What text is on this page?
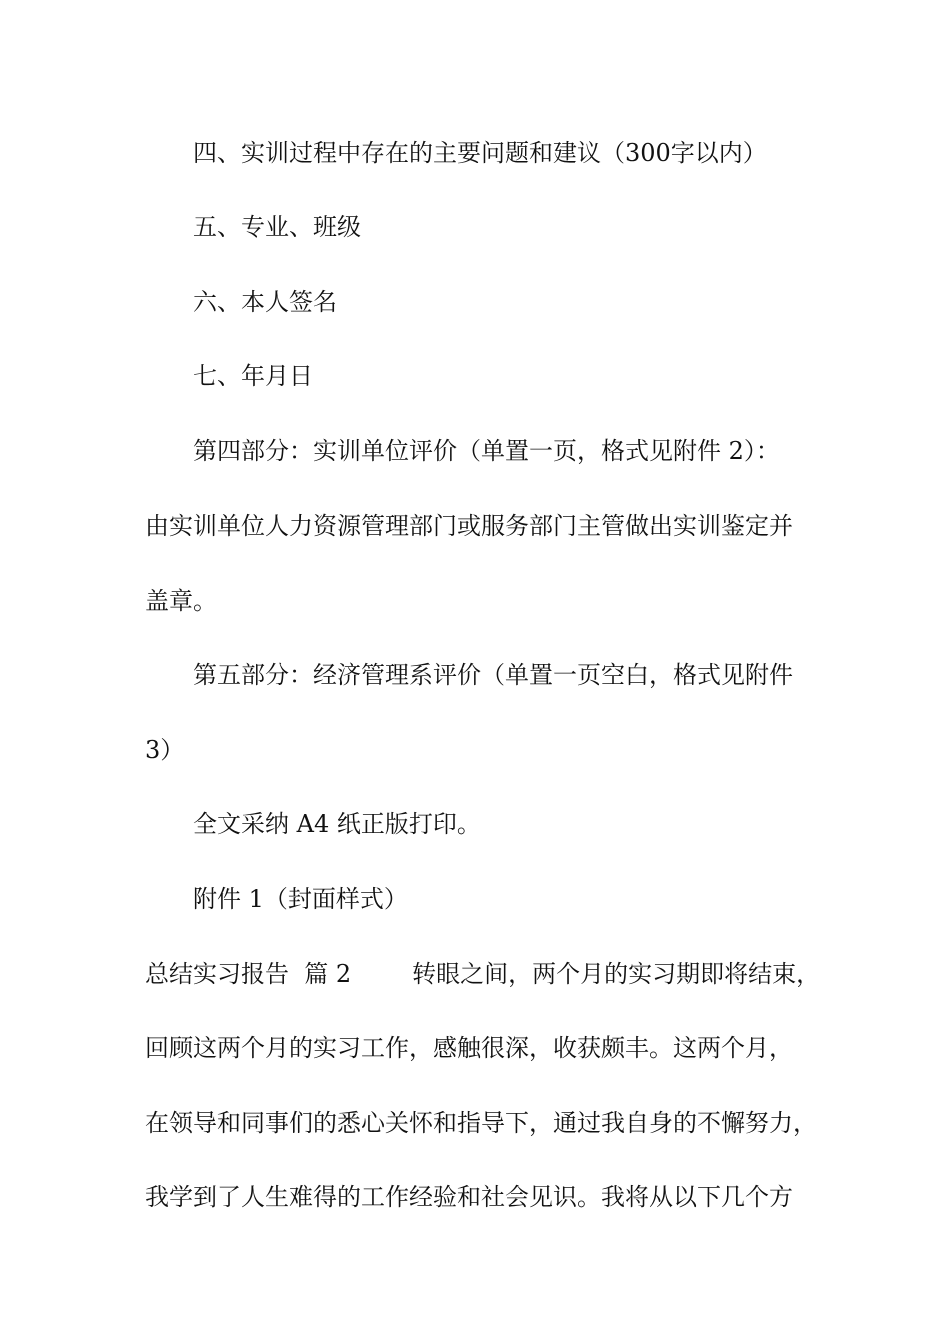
四、实训过程中存在的主要问题和建议（300字以内）
五、专业、班级
六、本人签名
七、年月日
第四部分：实训单位评价（单置一页，格式见附件 2）：
由实训单位人力资源管理部门或服务部门主管做出实训鉴定并
盖章。
第五部分：经济管理系评价（单置一页空白，格式见附件
3）
全文采纳 A4 纸正版打印。
附件 1（封面样式）
总结实习报告  篇 2        转眼之间，两个月的实习期即将结束，
回顾这两个月的实习工作，感触很深，收获颇丰。这两个月，
在领导和同事们的悉心关怀和指导下，通过我自身的不懈努力，
我学到了人生难得的工作经验和社会见识。我将从以下几个方
